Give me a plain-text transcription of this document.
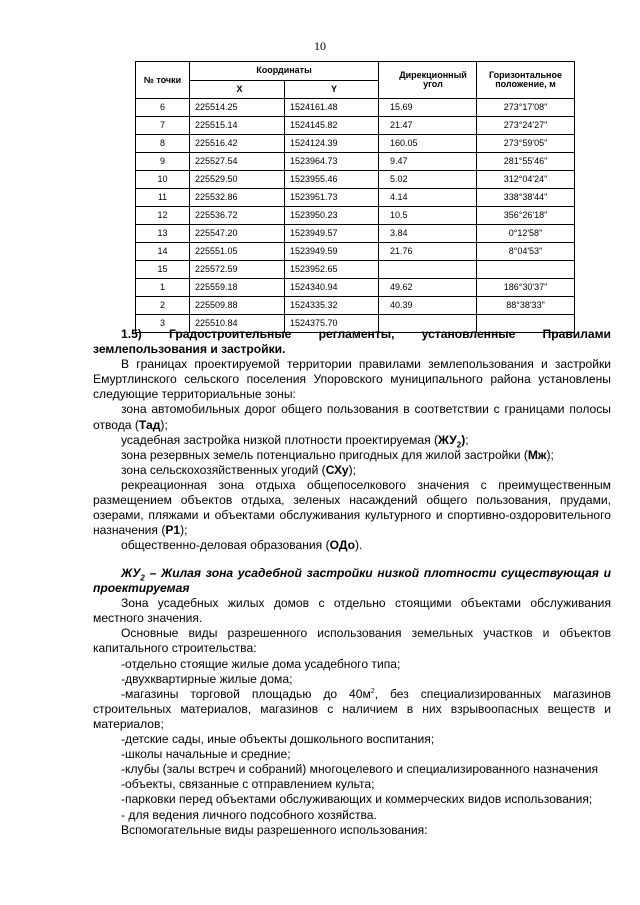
10
№ точки	Координаты		Дирекционный угол	Горизонтальное положение, м
	X	Y		
6	225514.25	1524161.48	15.69	273°17'08"
7	225515.14	1524145.82	21.47	273°24'27"
8	225516.42	1524124.39	160.05	273°59'05"
9	225527.54	1523964.73	9.47	281°55'46"
10	225529.50	1523955.46	5.02	312°04'24"
11	225532.86	1523951.73	4.14	338°38'44"
12	225536.72	1523950.23	10.5	356°26'18"
13	225547.20	1523949.57	3.84	0°12'58"
14	225551.05	1523949.59	21.76	8°04'53"
15	225572.59	1523952.65		
1	225559.18	1524340.94	49.62	186°30'37"
2	225509.88	1524335.32	40.39	88°38'33"
3	225510.84	1524375.70		

1.5) Градостроительные регламенты, установленные Правилами

землепользования и застройки.

В границах проектируемой территории правилами землепользования и застройки Емуртлинского сельского поселения Упоровского муниципального района установлены следующие территориальные зоны:

зона автомобильных дорог общего пользования в соответствии с границами полосы отвода (Тад);

усадебная застройка низкой плотности проектируемая $(ЖУ_2)$;

зона резервных земель потенциально пригодных для жилой застройки (Мж);

зона сельскохозяйственных угодий (СХу);

рекреационная зона отдыха общепоселкового значения с преимущественным размещением объектов отдыха, зеленых насаждений общего пользования, прудами, озерами, пляжами и объектами обслуживания культурного и спортивно-оздоровительного назначения (Р1);

общественно-деловая образования (ОДо).

$ЖУ_2$ – Жилая зона усадебной застройки низкой плотности существующая и проектируемая

Зона усадебных жилых домов с отдельно стоящими объектами обслуживания местного значения.

Основные виды разрешенного использования земельных участков и объектов капитального строительства:

-отдельно стоящие жилые дома усадебного типа;

-двухквартирные жилые дома;

-магазины торговой площадью до $40м^2$, без специализированных магазинов строительных материалов, магазинов с наличием в них взрывоопасных веществ и материалов;

-детские сады, иные объекты дошкольного воспитания;

-школы начальные и средние;

-клубы (залы встреч и собраний) многоцелевого и специализированного назначения

-объекты, связанные с отправлением культа;

-парковки перед объектами обслуживающих и коммерческих видов использования;

- для ведения личного подсобного хозяйства.

Вспомогательные виды разрешенного использования:
